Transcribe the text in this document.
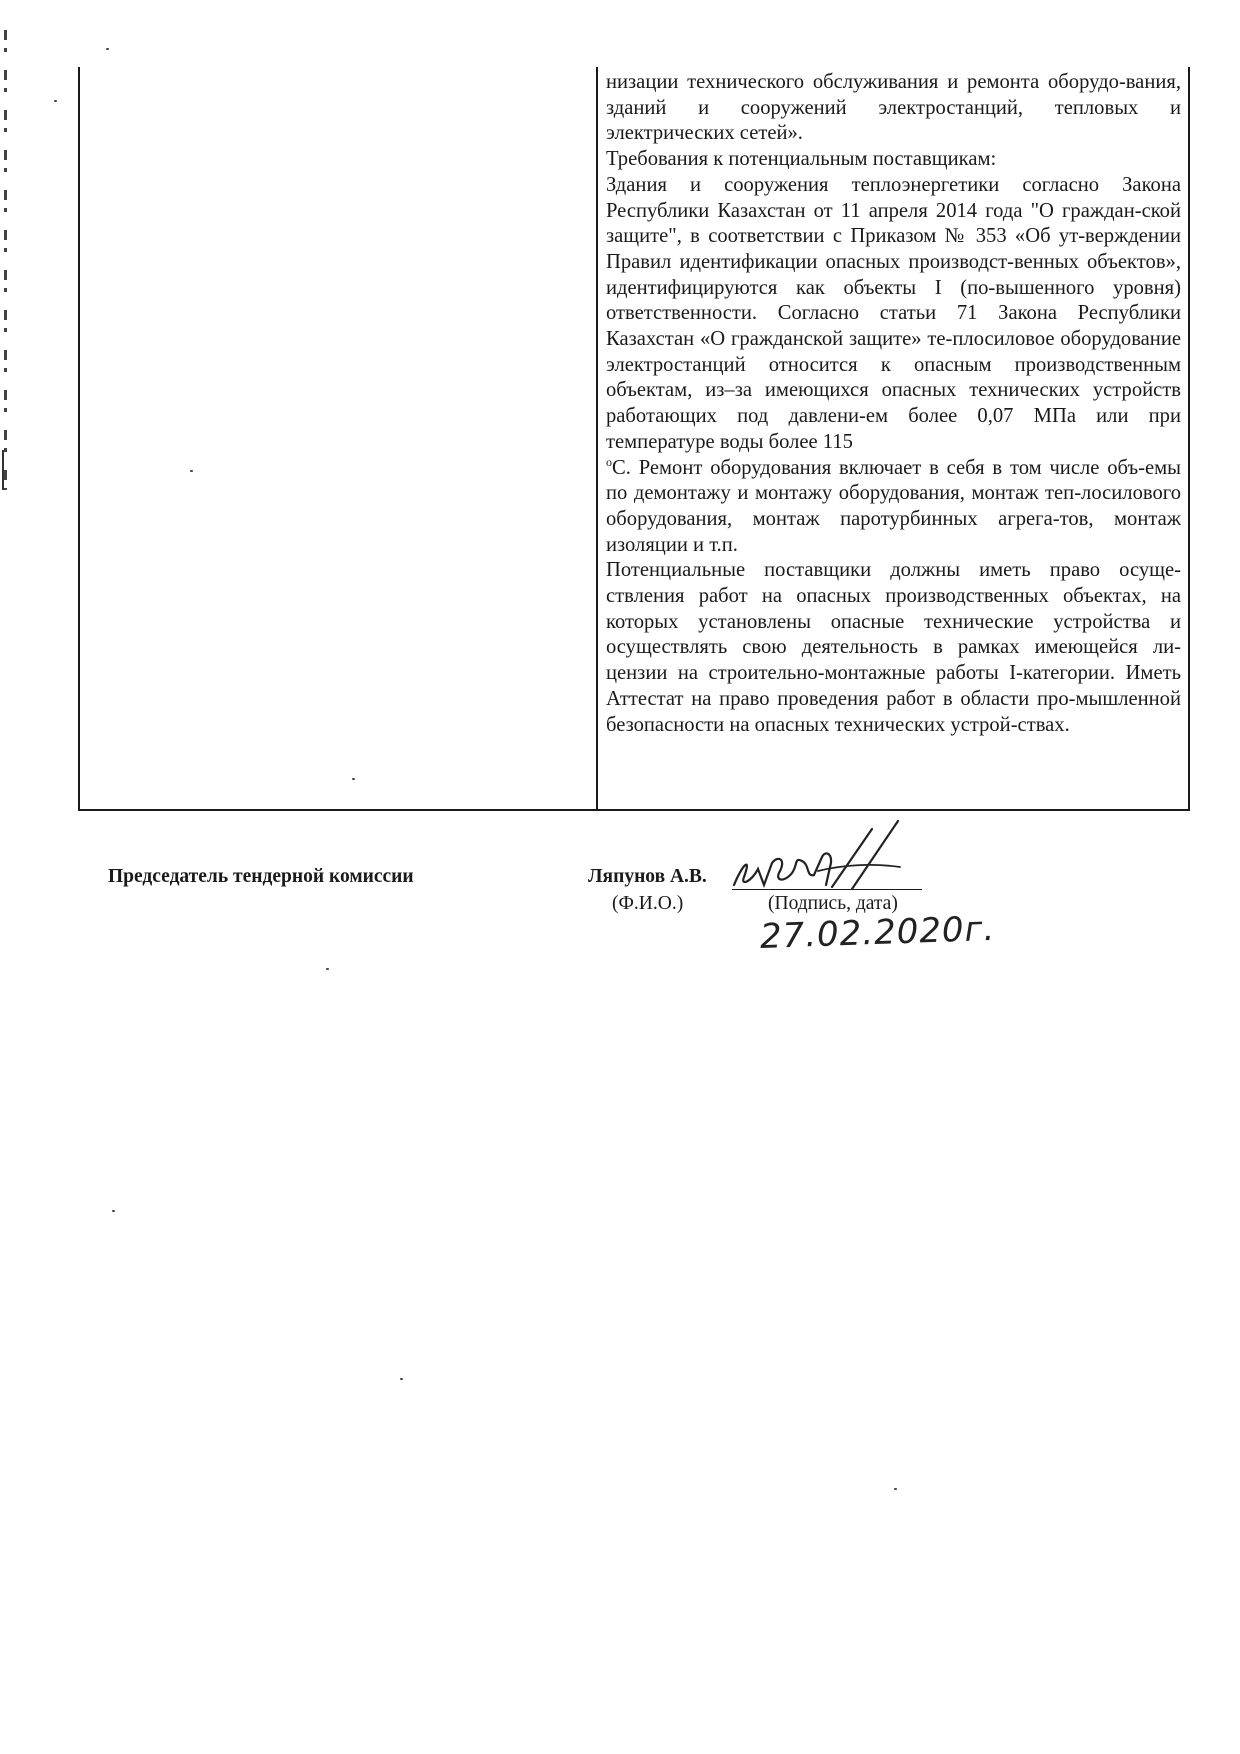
низации технического обслуживания и ремонта оборудо-вания, зданий и сооружений электростанций, тепловых и электрических сетей».

Требования к потенциальным поставщикам:

Здания и сооружения теплоэнергетики согласно Закона Республики Казахстан от 11 апреля 2014 года "О граждан-ской защите", в соответствии с Приказом № 353 «Об ут-верждении Правил идентификации опасных производст-венных объектов», идентифицируются как объекты I (по-вышенного уровня) ответственности. Согласно статьи 71 Закона Республики Казахстан «О гражданской защите» те-плосиловое оборудование электростанций относится к опасным производственным объектам, из–за имеющихся опасных технических устройств работающих под давлени-ем более 0,07 МПа или при температуре воды более 115

$^o$С. Ремонт оборудования включает в себя в том числе объ-емы по демонтажу и монтажу оборудования, монтаж теп-лосилового оборудования, монтаж паротурбинных агрега-тов, монтаж изоляции и т.п.

Потенциальные поставщики должны иметь право осуще-ствления работ на опасных производственных объектах, на которых установлены опасные технические устройства и осуществлять свою деятельность в рамках имеющейся ли-цензии на строительно-монтажные работы I-категории. Иметь Аттестат на право проведения работ в области про-мышленной безопасности на опасных технических устрой-ствах.

Председатель тендерной комиссии	Ляпунов А.В.
(Ф.И.О.)	(Подпись, дата)
27.02.2020г.
